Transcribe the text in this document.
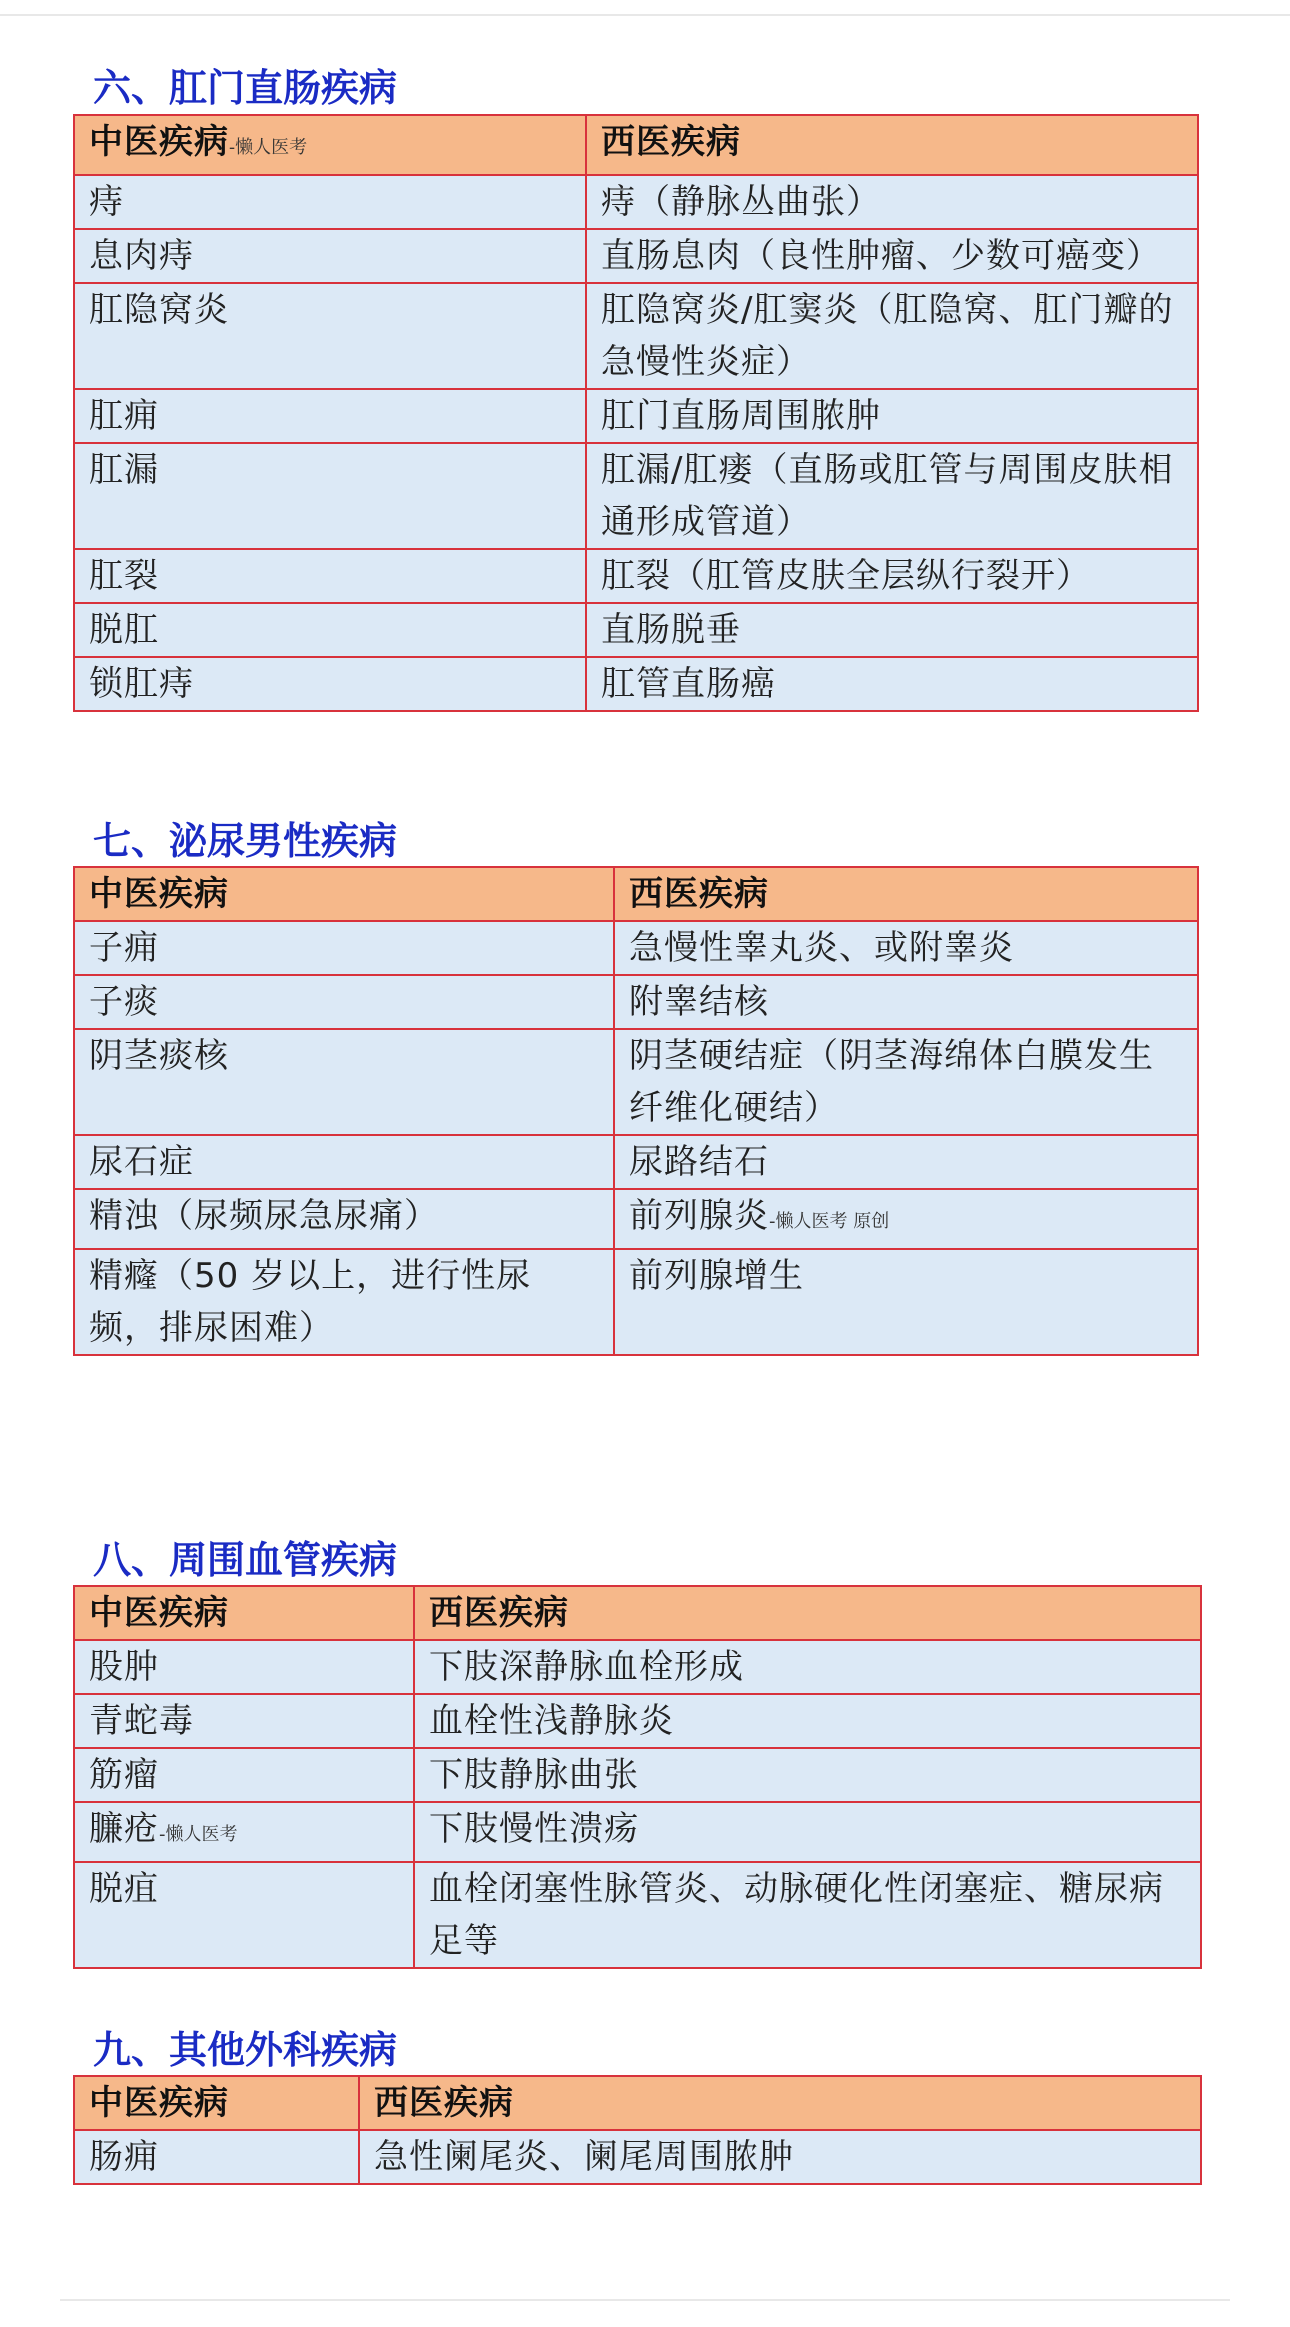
六、肛门直肠疾病
中医疾病-懒人医考	西医疾病
痔	痔（静脉丛曲张）
息肉痔	直肠息肉（良性肿瘤、少数可癌变）
肛隐窝炎	肛隐窝炎/肛窦炎（肛隐窝、肛门瓣的急慢性炎症）
肛痈	肛门直肠周围脓肿
肛漏	肛漏/肛瘘（直肠或肛管与周围皮肤相通形成管道）
肛裂	肛裂（肛管皮肤全层纵行裂开）
脱肛	直肠脱垂
锁肛痔	肛管直肠癌
七、泌尿男性疾病
中医疾病	西医疾病
子痈	急慢性睾丸炎、或附睾炎
子痰	附睾结核
阴茎痰核	阴茎硬结症（阴茎海绵体白膜发生纤维化硬结）
尿石症	尿路结石
精浊（尿频尿急尿痛）	前列腺炎-懒人医考 原创
精癃（50 岁以上，进行性尿频，排尿困难）	前列腺增生
八、周围血管疾病
中医疾病	西医疾病
股肿	下肢深静脉血栓形成
青蛇毒	血栓性浅静脉炎
筋瘤	下肢静脉曲张
臁疮-懒人医考	下肢慢性溃疡
脱疽	血栓闭塞性脉管炎、动脉硬化性闭塞症、糖尿病足等
九、其他外科疾病
中医疾病	西医疾病
肠痈	急性阑尾炎、阑尾周围脓肿
